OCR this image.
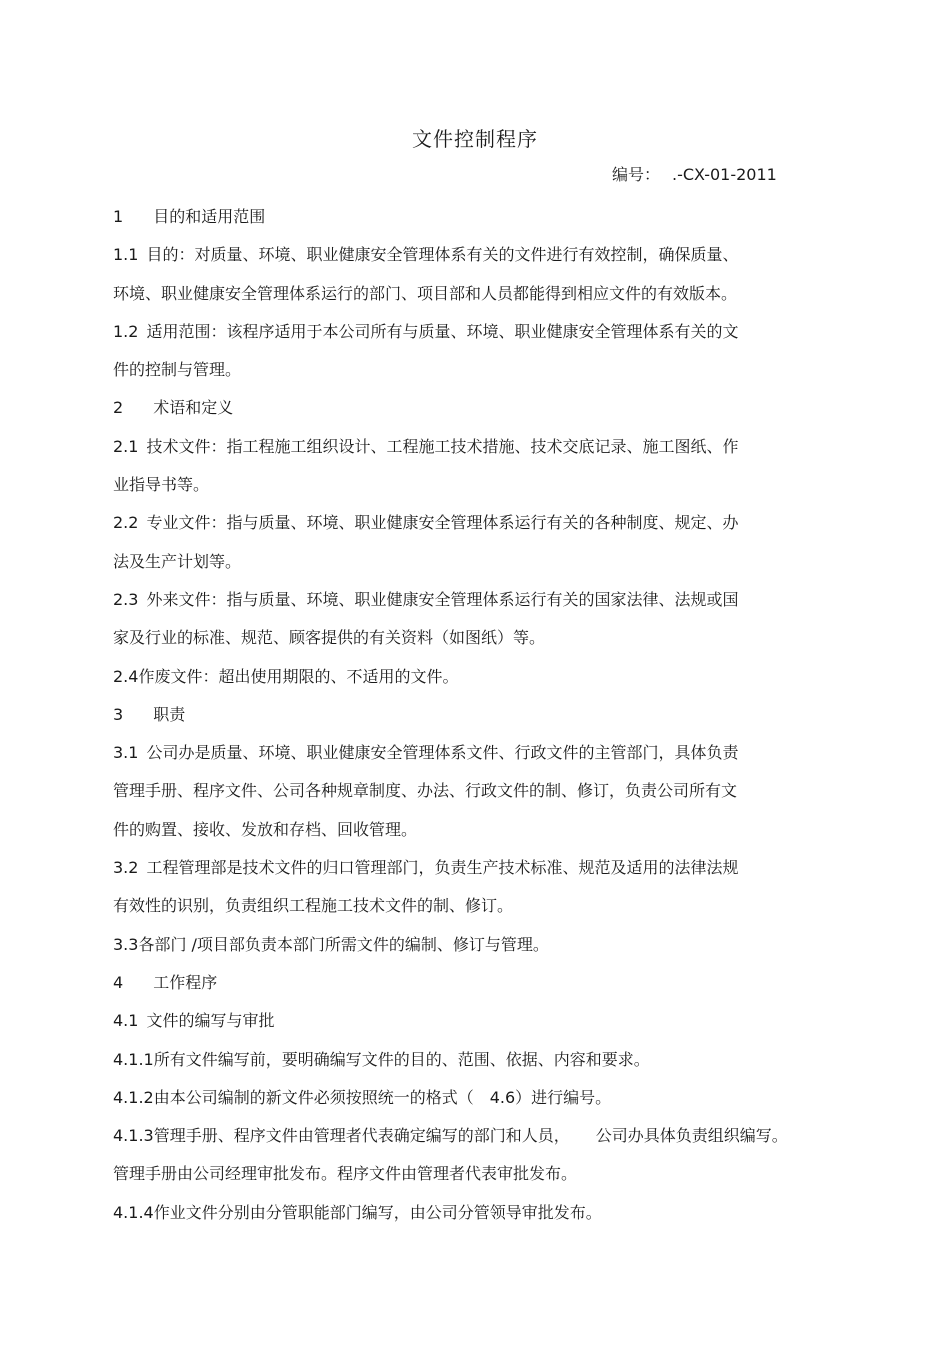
文件控制程序
编号： .-CX-01-2011
1 目的和适用范围
1.1 目的：对质量、环境、职业健康安全管理体系有关的文件进行有效控制，确保质量、
环境、职业健康安全管理体系运行的部门、项目部和人员都能得到相应文件的有效版本。
1.2 适用范围：该程序适用于本公司所有与质量、环境、职业健康安全管理体系有关的文
件的控制与管理。
2 术语和定义
2.1 技术文件：指工程施工组织设计、工程施工技术措施、技术交底记录、施工图纸、作
业指导书等。
2.2 专业文件：指与质量、环境、职业健康安全管理体系运行有关的各种制度、规定、办
法及生产计划等。
2.3 外来文件：指与质量、环境、职业健康安全管理体系运行有关的国家法律、法规或国
家及行业的标准、规范、顾客提供的有关资料（如图纸）等。
2.4作废文件：超出使用期限的、不适用的文件。
3 职责
3.1 公司办是质量、环境、职业健康安全管理体系文件、行政文件的主管部门，具体负责
管理手册、程序文件、公司各种规章制度、办法、行政文件的制、修订，负责公司所有文
件的购置、接收、发放和存档、回收管理。
3.2 工程管理部是技术文件的归口管理部门，负责生产技术标准、规范及适用的法律法规
有效性的识别，负责组织工程施工技术文件的制、修订。
3.3各部门 /项目部负责本部门所需文件的编制、修订与管理。
4 工作程序
4.1 文件的编写与审批
4.1.1所有文件编写前，要明确编写文件的目的、范围、依据、内容和要求。
4.1.2由本公司编制的新文件必须按照统一的格式（ 4.6）进行编号。
4.1.3管理手册、程序文件由管理者代表确定编写的部门和人员， 公司办具体负责组织编写。
管理手册由公司经理审批发布。程序文件由管理者代表审批发布。
4.1.4作业文件分别由分管职能部门编写，由公司分管领导审批发布。
